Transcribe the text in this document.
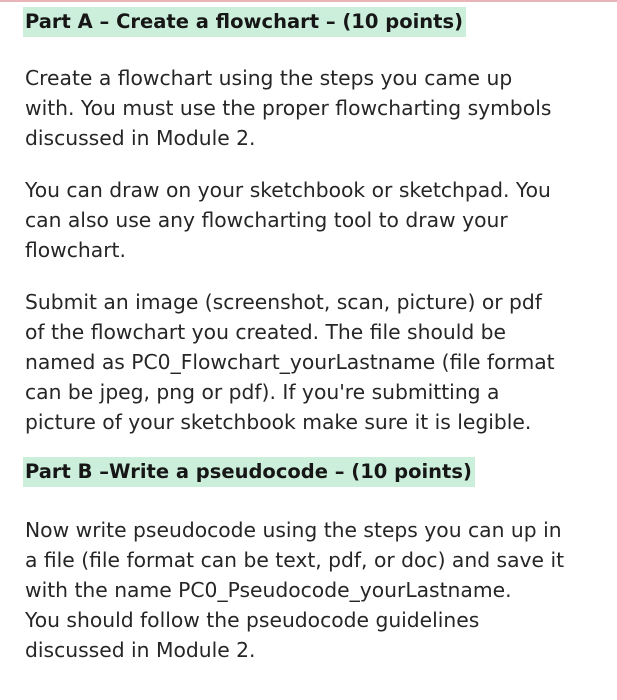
Part A – Create a flowchart – (10 points)

Create a flowchart using the steps you came up
with. You must use the proper flowcharting symbols
discussed in Module 2.

You can draw on your sketchbook or sketchpad. You
can also use any flowcharting tool to draw your
flowchart.

Submit an image (screenshot, scan, picture) or pdf
of the flowchart you created. The file should be
named as PC0_Flowchart_yourLastname (file format
can be jpeg, png or pdf). If you're submitting a
picture of your sketchbook make sure it is legible.

Part B –Write a pseudocode – (10 points)

Now write pseudocode using the steps you can up in
a file (file format can be text, pdf, or doc) and save it
with the name PC0_Pseudocode_yourLastname.
You should follow the pseudocode guidelines
discussed in Module 2.
